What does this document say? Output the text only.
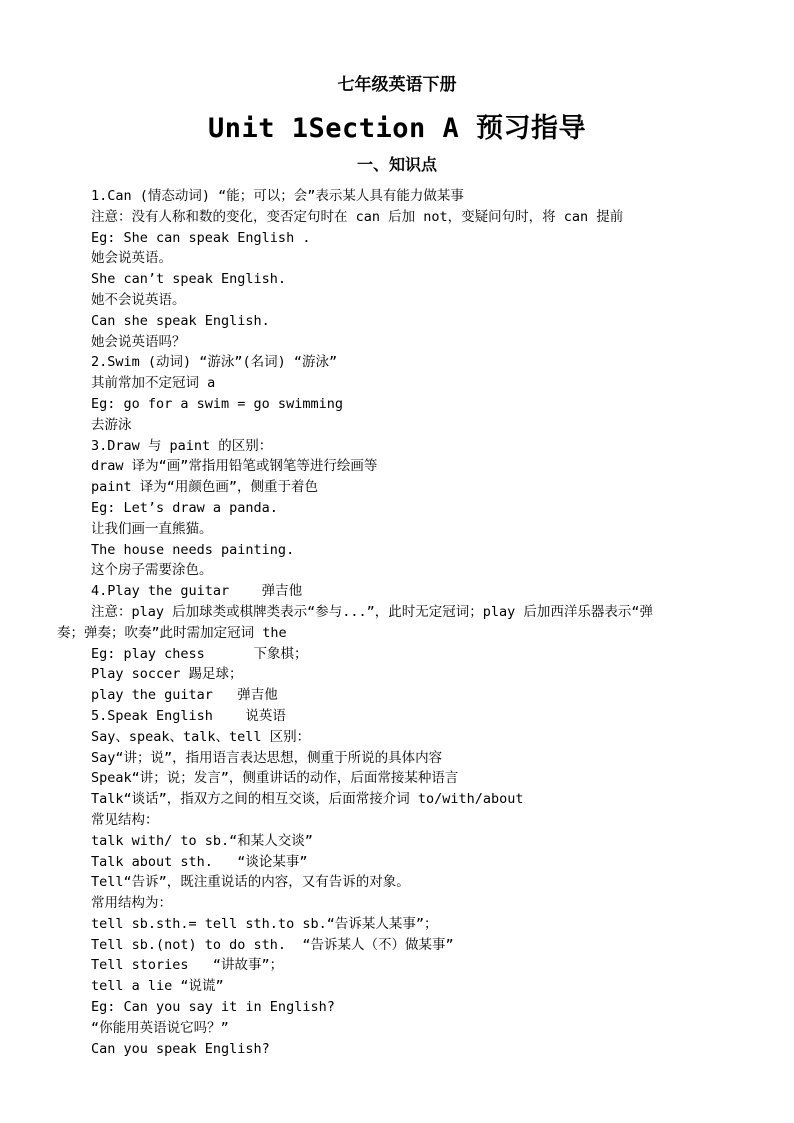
七年级英语下册
Unit 1Section A 预习指导
一、知识点
1.Can (情态动词) “能；可以；会”表示某人具有能力做某事
注意：没有人称和数的变化，变否定句时在 can 后加 not，变疑问句时，将 can 提前
Eg: She can speak English .
她会说英语。
She can’t speak English.
她不会说英语。
Can she speak English.
她会说英语吗？
2.Swim (动词) “游泳”(名词) “游泳”
其前常加不定冠词 a
Eg: go for a swim = go swimming
去游泳
3.Draw 与 paint 的区别：
draw 译为“画”常指用铅笔或钢笔等进行绘画等
paint 译为“用颜色画”，侧重于着色
Eg: Let’s draw a panda.
让我们画一直熊猫。
The house needs painting.
这个房子需要涂色。
4.Play the guitar    弹吉他
注意：play 后加球类或棋牌类表示“参与...”，此时无定冠词；play 后加西洋乐器表示“弹
奏；弹奏；吹奏”此时需加定冠词 the
Eg: play chess      下象棋；
Play soccer 踢足球；
play the guitar   弹吉他
5.Speak English    说英语
Say、speak、talk、tell 区别：
Say“讲；说”，指用语言表达思想，侧重于所说的具体内容
Speak“讲；说；发言”，侧重讲话的动作，后面常接某种语言
Talk“谈话”，指双方之间的相互交谈，后面常接介词 to/with/about
常见结构：
talk with/ to sb.“和某人交谈”
Talk about sth.   “谈论某事”
Tell“告诉”，既注重说话的内容，又有告诉的对象。
常用结构为：
tell sb.sth.= tell sth.to sb.“告诉某人某事”；
Tell sb.(not) to do sth.  “告诉某人（不）做某事”
Tell stories   “讲故事”；
tell a lie “说谎”
Eg: Can you say it in English?
“你能用英语说它吗？”
Can you speak English?
